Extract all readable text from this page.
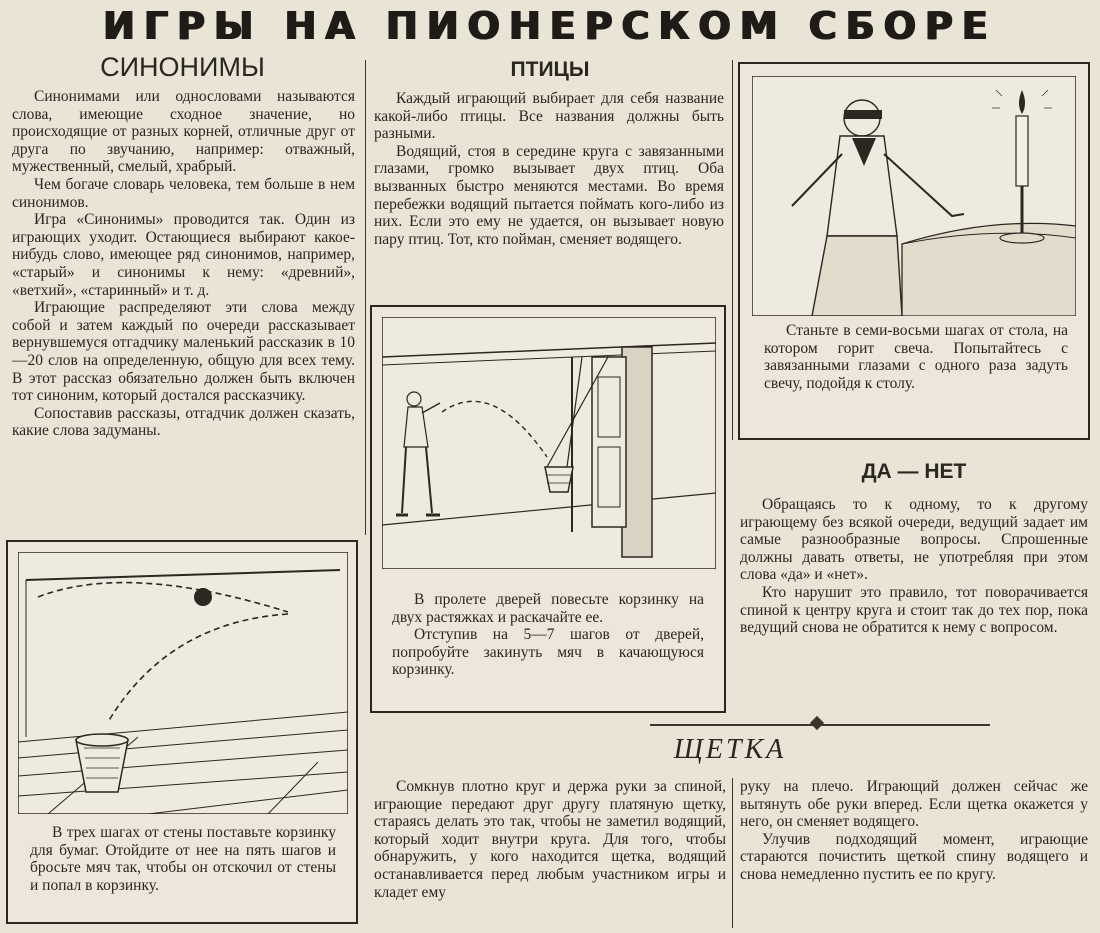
ИГРЫ НА ПИОНЕРСКОМ СБОРЕ
СИНОНИМЫ

Синонимами или однословами называются слова, имеющие сходное значение, но происходящие от разных корней, отличные друг от друга по звучанию, например: отважный, мужественный, смелый, храбрый.

Чем богаче словарь человека, тем больше в нем синонимов.

Игра «Синонимы» проводится так. Один из играющих уходит. Остающиеся выбирают какое-нибудь слово, имеющее ряд синонимов, например, «старый» и синонимы к нему: «древний», «ветхий», «старинный» и т. д.

Играющие распределяют эти слова между собой и затем каждый по очереди рассказывает вернувшемуся отгадчику маленький рассказик в 10—20 слов на определенную, общую для всех тему. В этот рассказ обязательно должен быть включен тот синоним, который достался рассказчику.

Сопоставив рассказы, отгадчик должен сказать, какие слова задуманы.

В трех шагах от стены поставьте корзинку для бумаг. Отойдите от нее на пять шагов и бросьте мяч так, чтобы он отскочил от стены и попал в корзинку.

ПТИЦЫ

Каждый играющий выбирает для себя название какой-либо птицы. Все названия должны быть разными.

Водящий, стоя в середине круга с завязанными глазами, громко вызывает двух птиц. Оба вызванных быстро меняются местами. Во время перебежки водящий пытается поймать кого-либо из них. Если это ему не удается, он вызывает новую пару птиц. Тот, кто пойман, сменяет водящего.

В пролете дверей повесьте корзинку на двух растяжках и раскачайте ее.

Отступив на 5—7 шагов от дверей, попробуйте закинуть мяч в качающуюся корзинку.

Станьте в семи-восьми шагах от стола, на котором горит свеча. Попытайтесь с завязанными глазами с одного раза задуть свечу, подойдя к столу.

ДА — НЕТ

Обращаясь то к одному, то к другому играющему без всякой очереди, ведущий задает им самые разнообразные вопросы. Спрошенные должны давать ответы, не употребляя при этом слова «да» и «нет».

Кто нарушит это правило, тот поворачивается спиной к центру круга и стоит так до тех пор, пока ведущий снова не обратится к нему с вопросом.

ЩЕТКА

Сомкнув плотно круг и держа руки за спиной, играющие передают друг другу платяную щетку, стараясь делать это так, чтобы не заметил водящий, который ходит внутри круга. Для того, чтобы обнаружить, у кого находится щетка, водящий останавливается перед любым участником игры и кладет ему

руку на плечо. Играющий должен сейчас же вытянуть обе руки вперед. Если щетка окажется у него, он сменяет водящего.

Улучив подходящий момент, играющие стараются почистить щеткой спину водящего и снова немедленно пустить ее по кругу.
